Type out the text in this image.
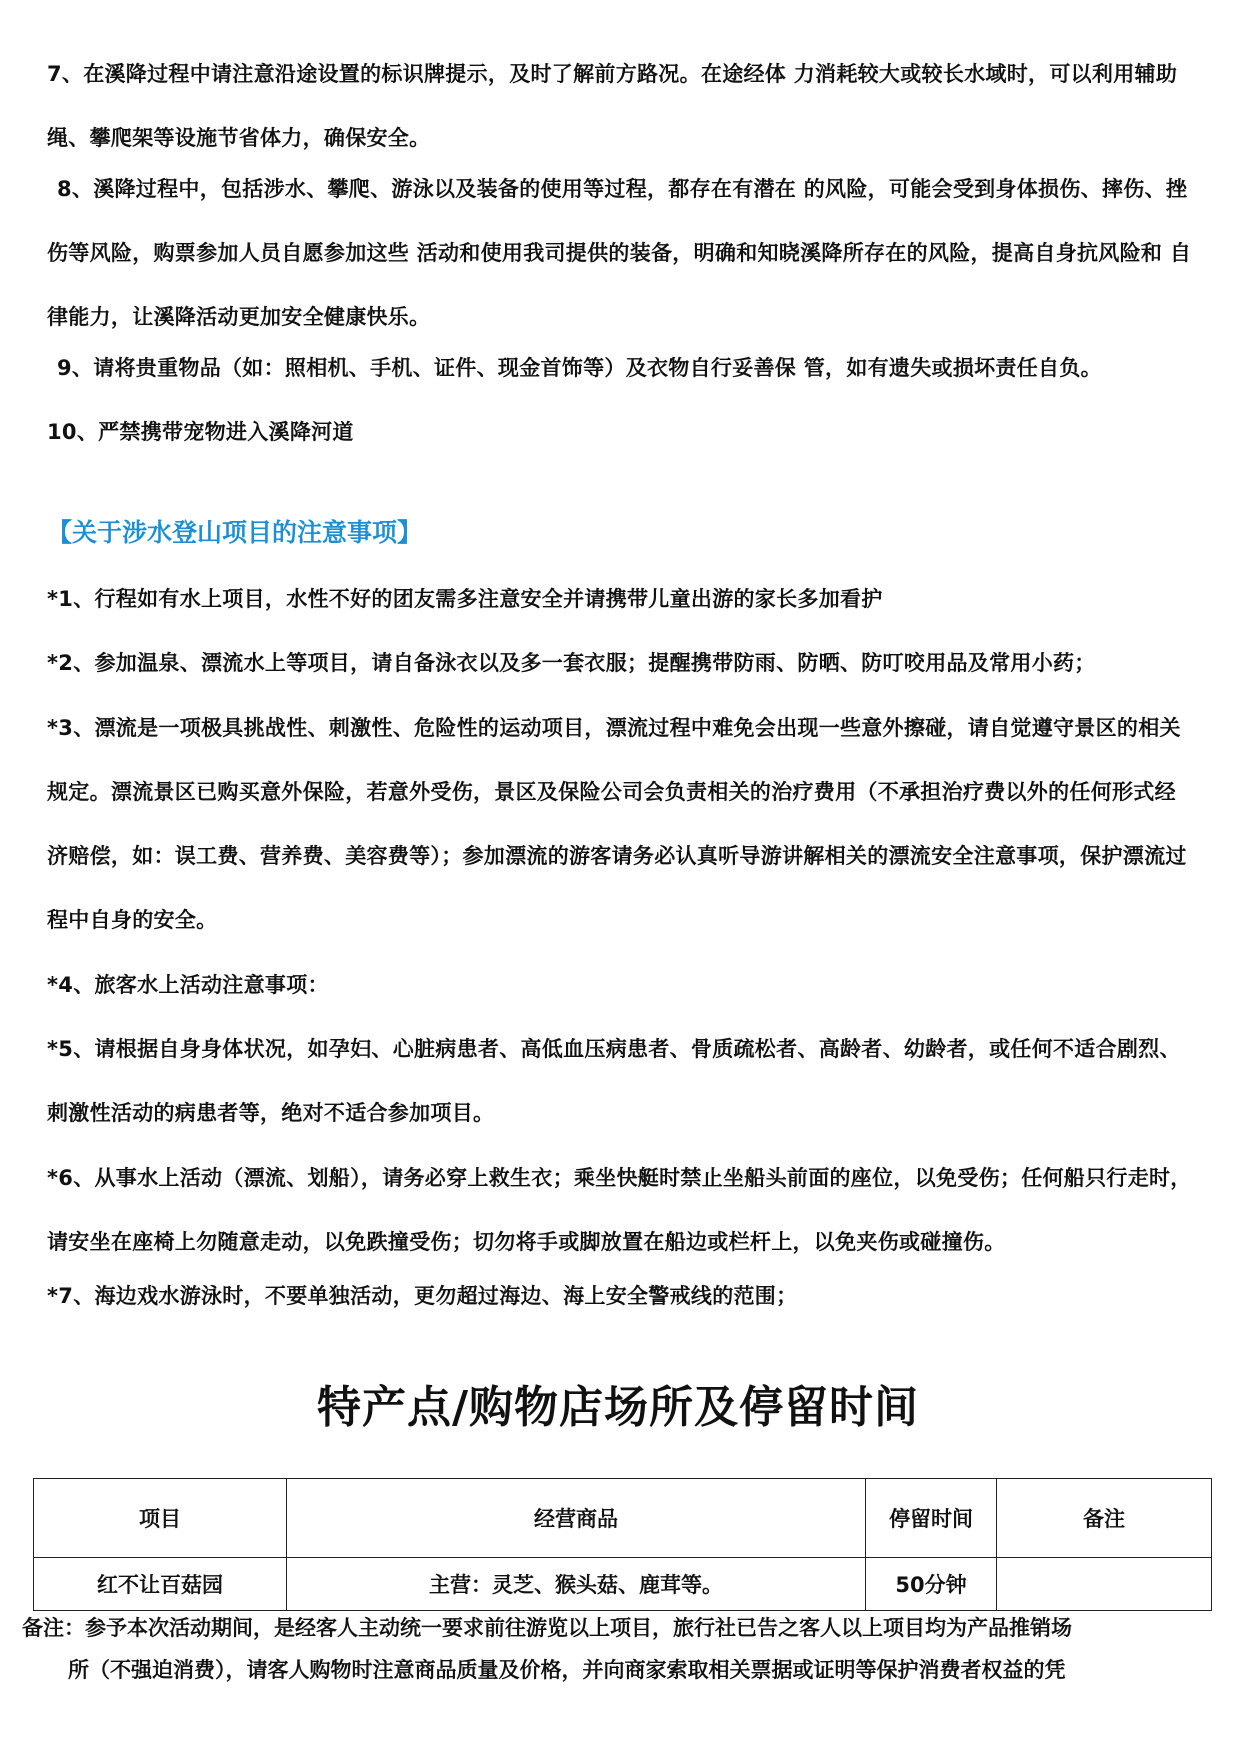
7、在溪降过程中请注意沿途设置的标识牌提示，及时了解前方路况。在途经体 力消耗较大或较长水域时，可以利用辅助绳、攀爬架等设施节省体力，确保安全。

8、溪降过程中，包括涉水、攀爬、游泳以及装备的使用等过程，都存在有潜在 的风险，可能会受到身体损伤、摔伤、挫伤等风险，购票参加人员自愿参加这些 活动和使用我司提供的装备，明确和知晓溪降所存在的风险，提高自身抗风险和 自律能力，让溪降活动更加安全健康快乐。

9、请将贵重物品（如：照相机、手机、证件、现金首饰等）及衣物自行妥善保 管，如有遗失或损坏责任自负。

10、严禁携带宠物进入溪降河道

【关于涉水登山项目的注意事项】

*1、行程如有水上项目，水性不好的团友需多注意安全并请携带儿童出游的家长多加看护

*2、参加温泉、漂流水上等项目，请自备泳衣以及多一套衣服；提醒携带防雨、防晒、防叮咬用品及常用小药；

*3、漂流是一项极具挑战性、刺激性、危险性的运动项目，漂流过程中难免会出现一些意外擦碰，请自觉遵守景区的相关规定。漂流景区已购买意外保险，若意外受伤，景区及保险公司会负责相关的治疗费用（不承担治疗费以外的任何形式经济赔偿，如：误工费、营养费、美容费等）；参加漂流的游客请务必认真听导游讲解相关的漂流安全注意事项，保护漂流过程中自身的安全。

*4、旅客水上活动注意事项：

*5、请根据自身身体状况，如孕妇、心脏病患者、高低血压病患者、骨质疏松者、高龄者、幼龄者，或任何不适合剧烈、刺激性活动的病患者等，绝对不适合参加项目。

*6、从事水上活动（漂流、划船），请务必穿上救生衣；乘坐快艇时禁止坐船头前面的座位，以免受伤；任何船只行走时，请安坐在座椅上勿随意走动，以免跌撞受伤；切勿将手或脚放置在船边或栏杆上，以免夹伤或碰撞伤。

*7、海边戏水游泳时，不要单独活动，更勿超过海边、海上安全警戒线的范围；

特产点/购物店场所及停留时间
项目	经营商品	停留时间	备注
红不让百菇园	主营：灵芝、猴头菇、鹿茸等。	50分钟	

备注：参予本次活动期间，是经客人主动统一要求前往游览以上项目，旅行社已告之客人以上项目均为产品推销场
所（不强迫消费），请客人购物时注意商品质量及价格，并向商家索取相关票据或证明等保护消费者权益的凭
